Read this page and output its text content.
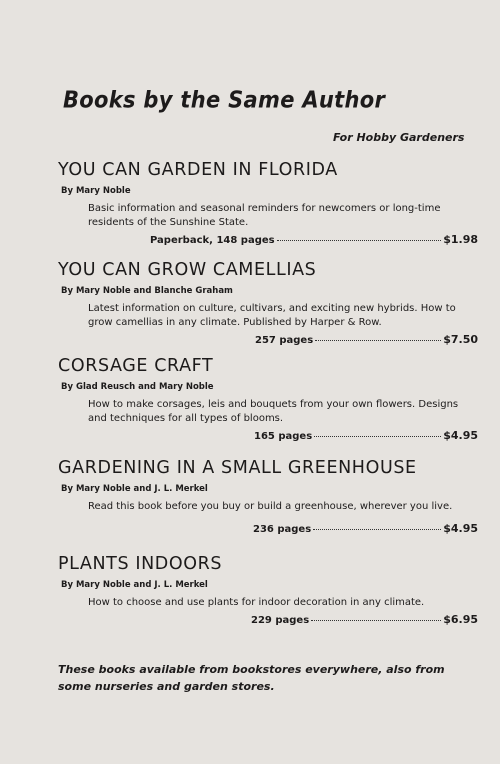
Books by the Same Author
For Hobby Gardeners
YOU CAN GARDEN IN FLORIDA
By Mary Noble
Basic information and seasonal reminders for newcomers or long-time residents of the Sunshine State.
Paperback, 148 pages	$1.98
YOU CAN GROW CAMELLIAS
By Mary Noble and Blanche Graham
Latest information on culture, cultivars, and exciting new hybrids. How to grow camellias in any climate. Published by Harper & Row.
257 pages	$7.50
CORSAGE CRAFT
By Glad Reusch and Mary Noble
How to make corsages, leis and bouquets from your own flowers. Designs and techniques for all types of blooms.
165 pages	$4.95
GARDENING IN A SMALL GREENHOUSE
By Mary Noble and J. L. Merkel
Read this book before you buy or build a greenhouse, wherever you live.
236 pages	$4.95
PLANTS INDOORS
By Mary Noble and J. L. Merkel
How to choose and use plants for indoor decoration in any climate.
229 pages	$6.95
These books available from bookstores everywhere, also from some nurseries and garden stores.
